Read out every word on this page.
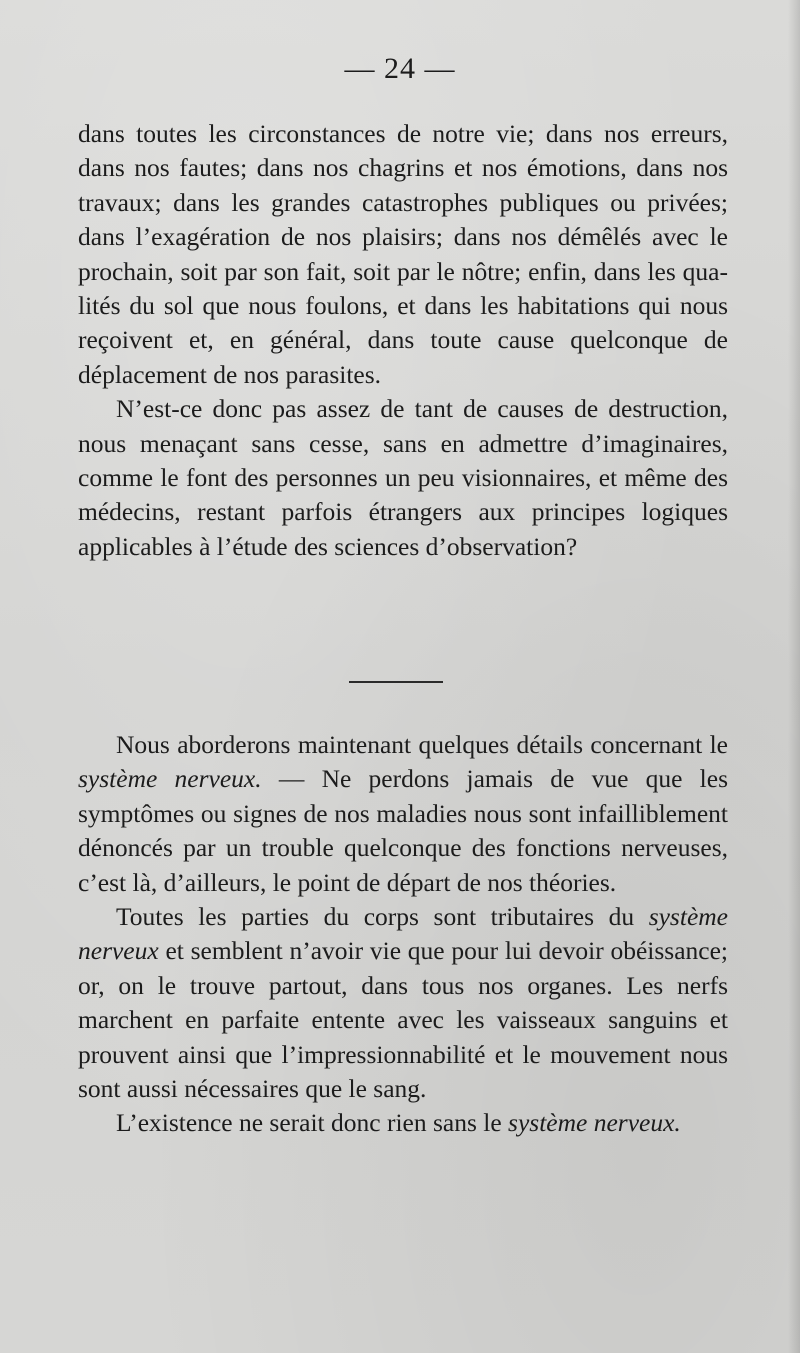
— 24 —

dans toutes les circonstances de notre vie; dans nos erreurs, dans nos fautes; dans nos chagrins et nos émotions, dans nos travaux; dans les grandes catastrophes publiques ou privées; dans l’exagération de nos plaisirs; dans nos démêlés avec le prochain, soit par son fait, soit par le nôtre; enfin, dans les qualités du sol que nous foulons, et dans les habitations qui nous reçoivent et, en général, dans toute cause quelconque de déplacement de nos parasites.

N’est-ce donc pas assez de tant de causes de destruction, nous menaçant sans cesse, sans en admettre d’imaginaires, comme le font des personnes un peu visionnaires, et même des médecins, restant parfois étrangers aux principes logiques applicables à l’étude des sciences d’observation?

Nous aborderons maintenant quelques détails concernant le système nerveux. — Ne perdons jamais de vue que les symptômes ou signes de nos maladies nous sont infailliblement dénoncés par un trouble quelconque des fonctions nerveuses, c’est là, d’ailleurs, le point de départ de nos théories.

Toutes les parties du corps sont tributaires du système nerveux et semblent n’avoir vie que pour lui devoir obéissance; or, on le trouve partout, dans tous nos organes. Les nerfs marchent en parfaite entente avec les vaisseaux sanguins et prouvent ainsi que l’impressionnabilité et le mouvement nous sont aussi nécessaires que le sang.

L’existence ne serait donc rien sans le système nerveux.
